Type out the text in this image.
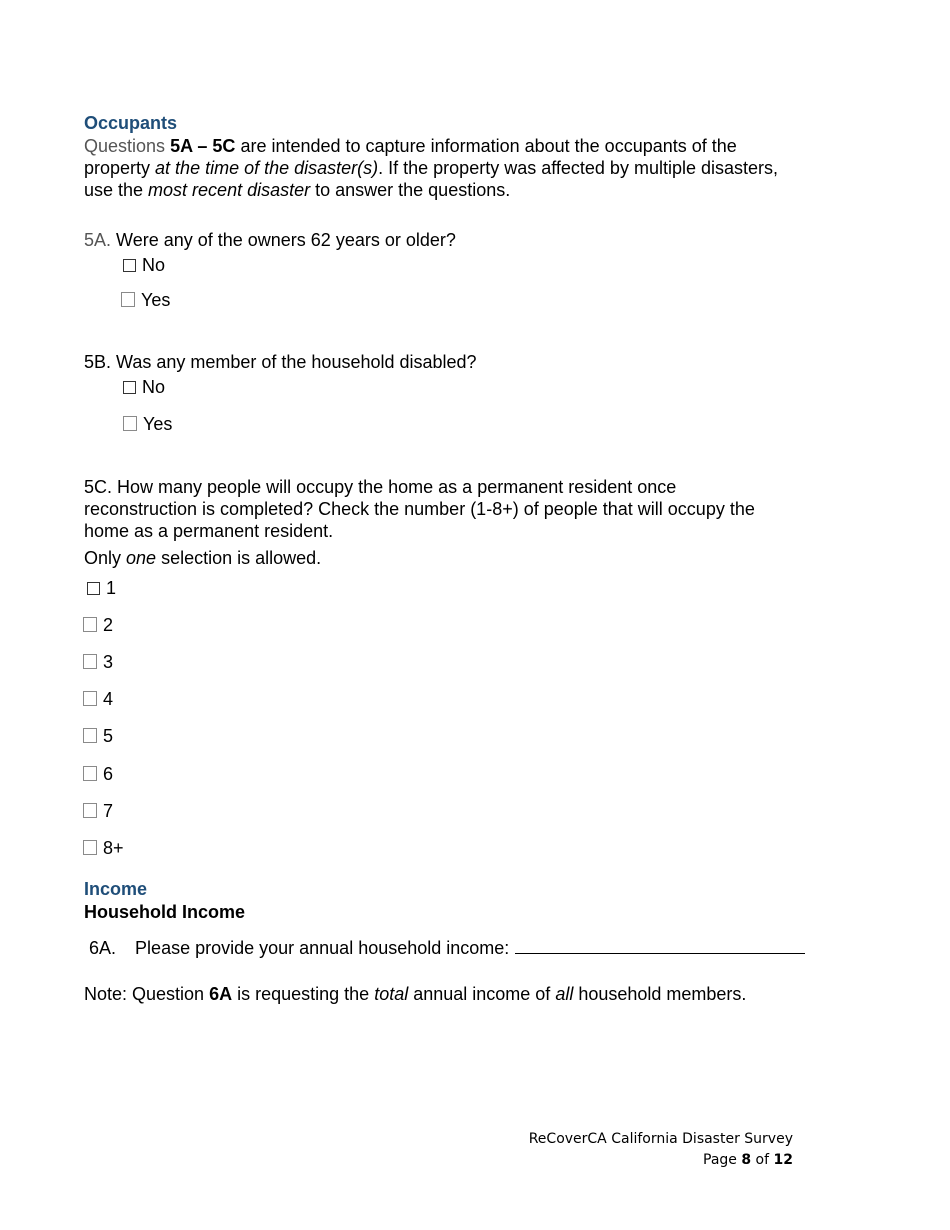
Occupants
Questions 5A – 5C are intended to capture information about the occupants of the property at the time of the disaster(s). If the property was affected by multiple disasters, use the most recent disaster to answer the questions.
5A. Were any of the owners 62 years or older?
No
Yes
5B. Was any member of the household disabled?
No
Yes
5C. How many people will occupy the home as a permanent resident once reconstruction is completed? Check the number (1-8+) of people that will occupy the home as a permanent resident.
Only one selection is allowed.
1
2
3
4
5
6
7
8+
Income
Household Income
6A. Please provide your annual household income:
Note: Question 6A is requesting the total annual income of all household members.
ReCoverCA California Disaster Survey
Page 8 of 12
